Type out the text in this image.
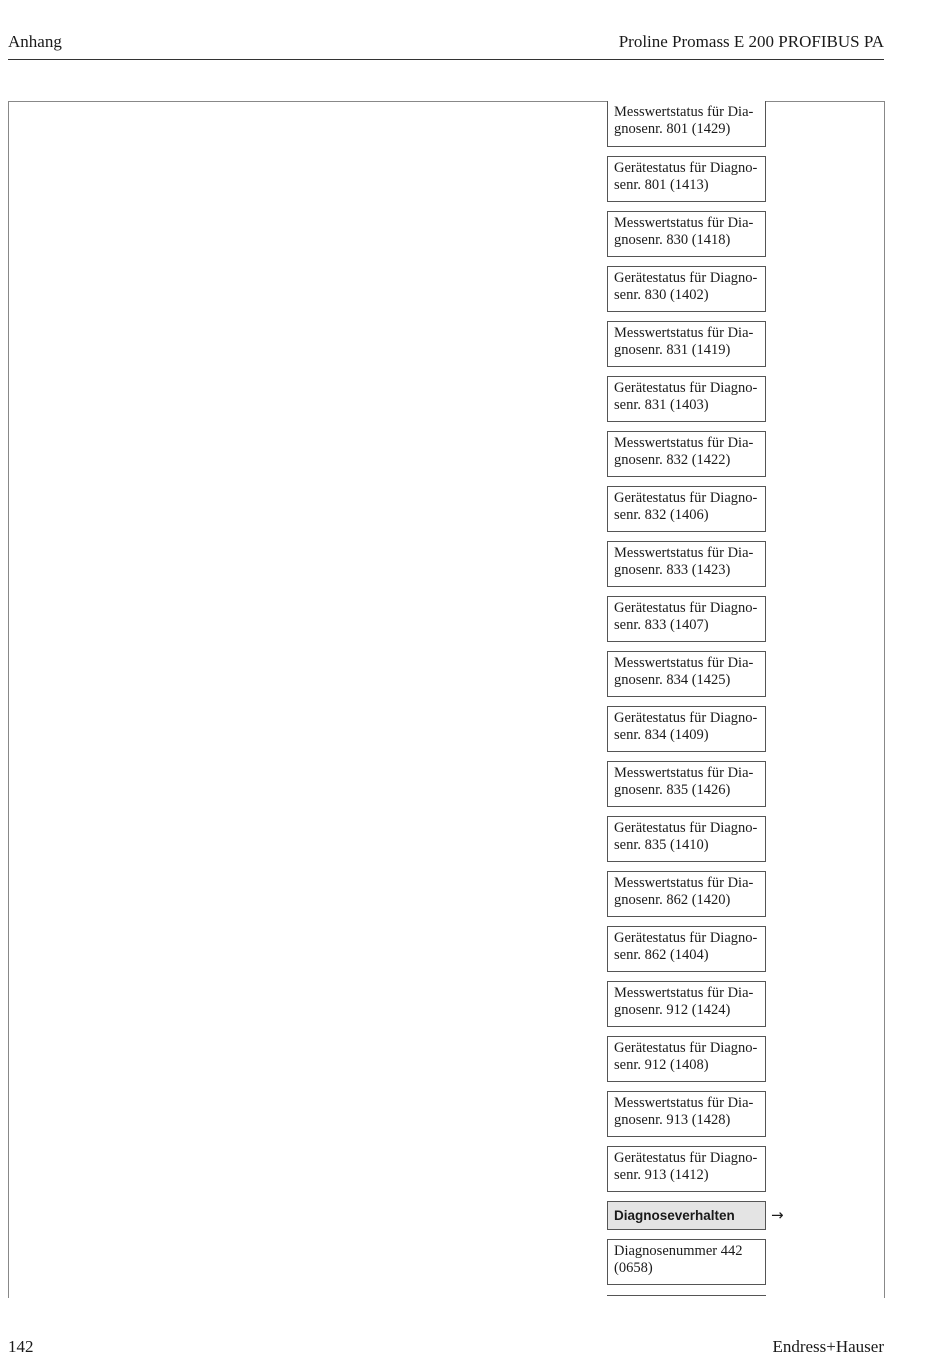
Anhang	Proline Promass E 200 PROFIBUS PA
Messwertstatus für Dia-
gnosenr. 801 (1429)
Gerätestatus für Diagno-
senr. 801 (1413)
Messwertstatus für Dia-
gnosenr. 830 (1418)
Gerätestatus für Diagno-
senr. 830 (1402)
Messwertstatus für Dia-
gnosenr. 831 (1419)
Gerätestatus für Diagno-
senr. 831 (1403)
Messwertstatus für Dia-
gnosenr. 832 (1422)
Gerätestatus für Diagno-
senr. 832 (1406)
Messwertstatus für Dia-
gnosenr. 833 (1423)
Gerätestatus für Diagno-
senr. 833 (1407)
Messwertstatus für Dia-
gnosenr. 834 (1425)
Gerätestatus für Diagno-
senr. 834 (1409)
Messwertstatus für Dia-
gnosenr. 835 (1426)
Gerätestatus für Diagno-
senr. 835 (1410)
Messwertstatus für Dia-
gnosenr. 862 (1420)
Gerätestatus für Diagno-
senr. 862 (1404)
Messwertstatus für Dia-
gnosenr. 912 (1424)
Gerätestatus für Diagno-
senr. 912 (1408)
Messwertstatus für Dia-
gnosenr. 913 (1428)
Gerätestatus für Diagno-
senr. 913 (1412)
Diagnoseverhalten
Diagnosenummer 442
(0658)
→
142	Endress+Hauser
